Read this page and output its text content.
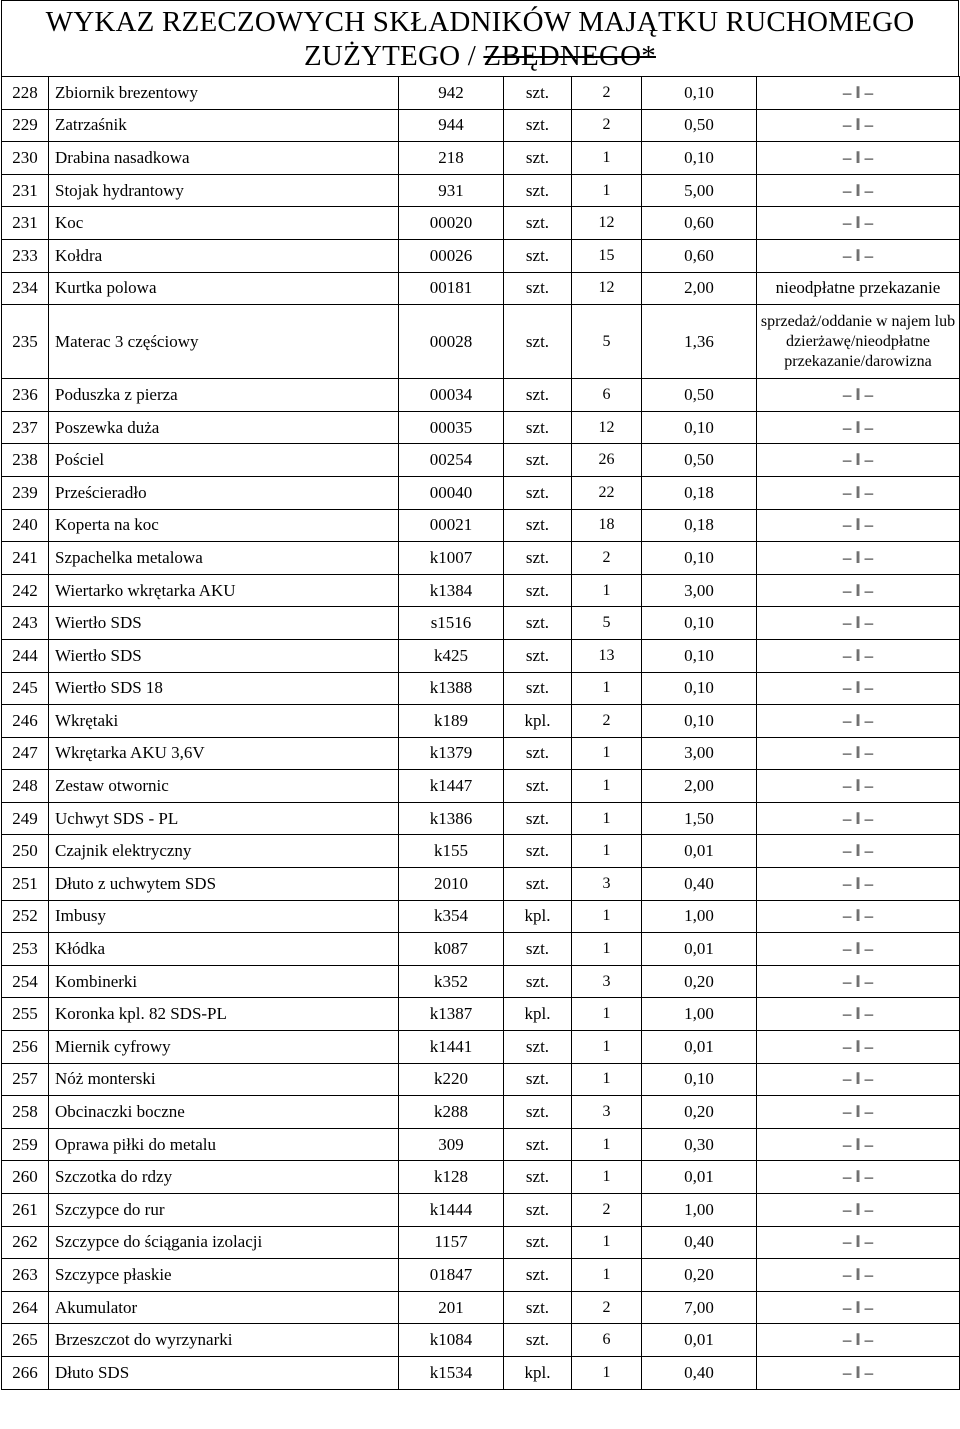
WYKAZ RZECZOWYCH SKŁADNIKÓW MAJĄTKU RUCHOMEGO
ZUŻYTEGO / ZBĘDNEGO*
228	Zbiornik brezentowy	942	szt.	2	0,10	– ‖ –
229	Zatrzaśnik	944	szt.	2	0,50	– ‖ –
230	Drabina nasadkowa	218	szt.	1	0,10	– ‖ –
231	Stojak hydrantowy	931	szt.	1	5,00	– ‖ –
231	Koc	00020	szt.	12	0,60	– ‖ –
233	Kołdra	00026	szt.	15	0,60	– ‖ –
234	Kurtka polowa	00181	szt.	12	2,00	nieodpłatne przekazanie
235	Materac 3 częściowy	00028	szt.	5	1,36	sprzedaż/oddanie w najem lub dzierżawę/nieodpłatne przekazanie/darowizna
236	Poduszka z pierza	00034	szt.	6	0,50	– ‖ –
237	Poszewka duża	00035	szt.	12	0,10	– ‖ –
238	Pościel	00254	szt.	26	0,50	– ‖ –
239	Prześcieradło	00040	szt.	22	0,18	– ‖ –
240	Koperta na koc	00021	szt.	18	0,18	– ‖ –
241	Szpachelka metalowa	k1007	szt.	2	0,10	– ‖ –
242	Wiertarko wkrętarka AKU	k1384	szt.	1	3,00	– ‖ –
243	Wiertło SDS	s1516	szt.	5	0,10	– ‖ –
244	Wiertło SDS	k425	szt.	13	0,10	– ‖ –
245	Wiertło SDS 18	k1388	szt.	1	0,10	– ‖ –
246	Wkrętaki	k189	kpl.	2	0,10	– ‖ –
247	Wkrętarka AKU 3,6V	k1379	szt.	1	3,00	– ‖ –
248	Zestaw otwornic	k1447	szt.	1	2,00	– ‖ –
249	Uchwyt SDS - PL	k1386	szt.	1	1,50	– ‖ –
250	Czajnik elektryczny	k155	szt.	1	0,01	– ‖ –
251	Dłuto z uchwytem SDS	2010	szt.	3	0,40	– ‖ –
252	Imbusy	k354	kpl.	1	1,00	– ‖ –
253	Kłódka	k087	szt.	1	0,01	– ‖ –
254	Kombinerki	k352	szt.	3	0,20	– ‖ –
255	Koronka kpl. 82 SDS-PL	k1387	kpl.	1	1,00	– ‖ –
256	Miernik cyfrowy	k1441	szt.	1	0,01	– ‖ –
257	Nóż monterski	k220	szt.	1	0,10	– ‖ –
258	Obcinaczki boczne	k288	szt.	3	0,20	– ‖ –
259	Oprawa piłki do metalu	309	szt.	1	0,30	– ‖ –
260	Szczotka do rdzy	k128	szt.	1	0,01	– ‖ –
261	Szczypce do rur	k1444	szt.	2	1,00	– ‖ –
262	Szczypce do ściągania izolacji	1157	szt.	1	0,40	– ‖ –
263	Szczypce płaskie	01847	szt.	1	0,20	– ‖ –
264	Akumulator	201	szt.	2	7,00	– ‖ –
265	Brzeszczot do wyrzynarki	k1084	szt.	6	0,01	– ‖ –
266	Dłuto SDS	k1534	kpl.	1	0,40	– ‖ –
